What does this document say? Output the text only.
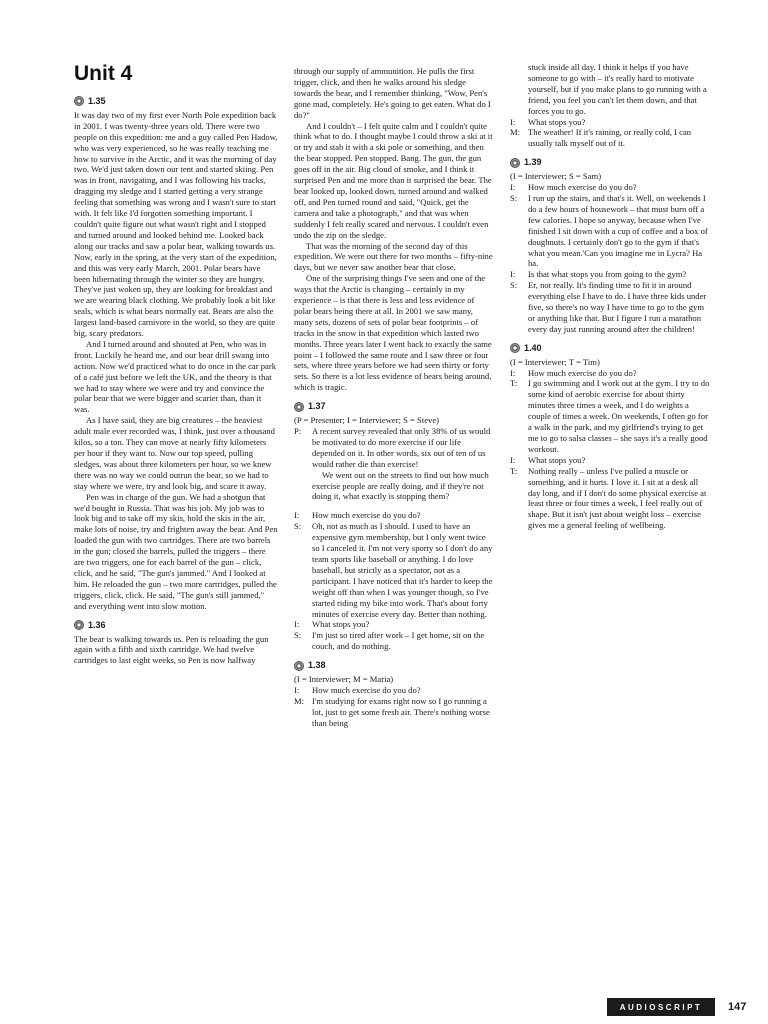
Unit 4
1.35

It was day two of my first ever North Pole expedition back in 2001. I was twenty-three years old. There were two people on this expedition: me and a guy called Pen Hadow, who was very experienced, so he was really teaching me how to survive in the Arctic, and it was the morning of day two. We'd just taken down our tent and started skiing. Pen was in front, navigating, and I was following his tracks, dragging my sledge and I started getting a very strange feeling that something was wrong and I wasn't sure to start with. It felt like I'd forgotten something important. I couldn't quite figure out what wasn't right and I stopped and turned around and looked behind me. Looked back along our tracks and saw a polar bear, walking towards us.

Now, early in the spring, at the very start of the expedition, and this was very early March, 2001. Polar bears have been hibernating through the winter so they are hungry. They've just woken up, they are looking for breakfast and we are wearing black clothing. We probably look a bit like seals, which is what bears normally eat. Bears are also the largest land-based carnivore in the world, so they are quite big, scary predators.

And I turned around and shouted at Pen, who was in front. Luckily he heard me, and our bear drill swang into action. Now we'd practiced what to do once in the car park of a café just before we left the UK, and the theory is that we had to stay where we were and try and convince the polar bear that we were bigger and scarier than, than it was.

As I have said, they are big creatures – the heaviest adult male ever recorded was, I think, just over a thousand kilos, so a ton. They can move at nearly fifty kilometers per hour if they want to. Now our top speed, pulling sledges, was about three kilometers per hour, so we knew there was no way we could outrun the bear, so we had to stay where we were, try and look big, and scare it away.

Pen was in charge of the gun. We had a shotgun that we'd bought in Russia. That was his job. My job was to look big and to take off my skis, hold the skis in the air, make lots of noise, try and frighten away the bear. And Pen loaded the gun with two cartridges. There are two barrels in the gun; closed the barrels, pulled the triggers – there are two triggers, one for each barrel of the gun – click, click, and he said, "The gun's jammed." And I looked at him. He reloaded the gun – two more cartridges, pulled the triggers, click, click. He said, "The gun's still jammed," and everything went into slow motion.

1.36

The bear is walking towards us. Pen is reloading the gun again with a fifth and sixth cartridge. We had twelve cartridges to last eight weeks, so Pen is now halfway

through our supply of ammunition. He pulls the first trigger, click, and then he walks around his sledge towards the bear, and I remember thinking, "Wow, Pen's gone mad, completely. He's going to get eaten. What do I do?"

And I couldn't – I felt quite calm and I couldn't quite think what to do. I thought maybe I could throw a ski at it or try and stab it with a ski pole or something, and then the bear stopped. Pen stopped. Bang. The gun, the gun goes off in the air. Big cloud of smoke, and I think it surprised Pen and me more than it surprised the bear. The bear looked up, looked down, turned around and walked off, and Pen turned round and said, "Quick, get the camera and take a photograph," and that was when suddenly I felt really scared and nervous. I couldn't even undo the zip on the sledge.

That was the morning of the second day of this expedition. We were out there for two months – fifty-nine days, but we never saw another bear that close.

One of the surprising things I've seen and one of the ways that the Arctic is changing – certainly in my experience – is that there is less and less evidence of polar bears being there at all. In 2001 we saw many, many sets, dozens of sets of polar bear footprints – of tracks in the snow in that expedition which lasted two months. Three years later I went back to exactly the same point – I followed the same route and I saw three or four sets, where three years before we had seen thirty or forty sets. So there is a lot less evidence of bears being around, which is tragic.

1.37

(P = Presenter; I = Interviewer; S = Steve)

P:	A recent survey revealed that only 38% of us would be motivated to do more exercise if our life depended on it. In other words, six out of ten of us would rather die than exercise!
We went out on the streets to find out how much exercise people are really doing, and if they're not doing it, what exactly is stopping them?
I:	How much exercise do you do?
S:	Oh, not as much as I should. I used to have an expensive gym membership, but I only went twice so I canceled it. I'm not very sporty so I don't do any team sports like baseball or anything. I do love baseball, but strictly as a spectator, not as a participant. I have noticed that it's harder to keep the weight off than when I was younger though, so I've started riding my bike into work. That's about forty minutes of exercise every day. Better than nothing.
I:	What stops you?
S:	I'm just so tired after work – I get home, sit on the couch, and do nothing.
1.38

(I = Interviewer; M = Maria)

I:	How much exercise do you do?
M: I'm studying for exams right now so I go running a lot, just to get some fresh air. There's nothing worse than being
stuck inside all day. I think it helps if you have someone to go with – it's really hard to motivate yourself, but if you make plans to go running with a friend, you feel you can't let them down, and that forces you to go.
I:	What stops you?
M: The weather! If it's raining, or really cold, I can usually talk myself out of it.
1.39

(I = Interviewer; S = Sam)

I:	How much exercise do you do?
S:	I run up the stairs, and that's it. Well, on weekends I do a few hours of housework – that must burn off a few calories. I hope so anyway, because when I've finished I sit down with a cup of coffee and a box of doughnuts. I certainly don't go to the gym if that's what you mean.'Can you imagine me in Lycra? Ha ha.
I:	Is that what stops you from going to the gym?
S:	Er, not really. It's finding time to fit it in around everything else I have to do. I have three kids under five, so there's no way I have time to go to the gym or anything like that. But I figure I run a marathon every day just running around after the children!
1.40

(I = Interviewer; T = Tim)

I:	How much exercise do you do?
T:	I go swimming and I work out at the gym. I try to do some kind of aerobic exercise for about thirty minutes three times a week, and I do weights a couple of times a week. On weekends, I often go for a walk in the park, and my girlfriend's trying to get me to go to salsa classes – she says it's a really good workout.
I:	What stops you?
T:	Nothing really – unless I've pulled a muscle or something, and it hurts. I love it. I sit at a desk all day long, and if I don't do some physical exercise at least three or four times a week, I feel really out of shape. But it isn't just about weight loss – exercise gives me a general feeling of wellbeing.
AUDIOSCRIPT	147
